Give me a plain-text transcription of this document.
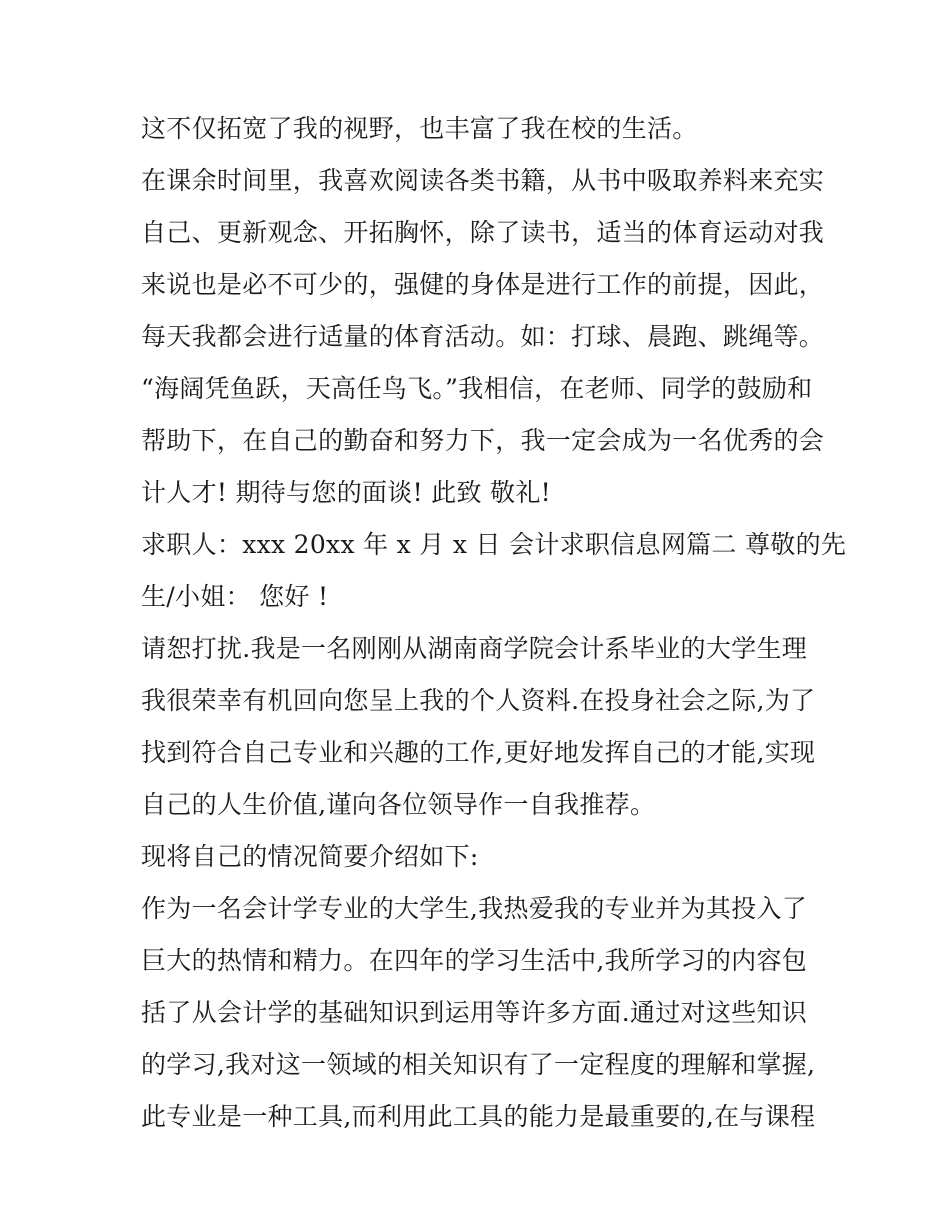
这不仅拓宽了我的视野，也丰富了我在校的生活。
在课余时间里，我喜欢阅读各类书籍，从书中吸取养料来充实
自己、更新观念、开拓胸怀，除了读书，适当的体育运动对我
来说也是必不可少的，强健的身体是进行工作的前提，因此，
每天我都会进行适量的体育活动。如：打球、晨跑、跳绳等。
“海阔凭鱼跃，天高任鸟飞。”我相信，在老师、同学的鼓励和
帮助下，在自己的勤奋和努力下，我一定会成为一名优秀的会
计人才! 期待与您的面谈! 此致 敬礼!
求职人：xxx 20xx 年 x 月 x 日 会计求职信息网篇二 尊敬的先
生/小姐： 您好 !
请恕打扰.我是一名刚刚从湖南商学院会计系毕业的大学生理
我很荣幸有机回向您呈上我的个人资料.在投身社会之际,为了
找到符合自己专业和兴趣的工作,更好地发挥自己的才能,实现
自己的人生价值,谨向各位领导作一自我推荐。
现将自己的情况简要介绍如下:
作为一名会计学专业的大学生,我热爱我的专业并为其投入了
巨大的热情和精力。在四年的学习生活中,我所学习的内容包
括了从会计学的基础知识到运用等许多方面.通过对这些知识
的学习,我对这一领域的相关知识有了一定程度的理解和掌握,
此专业是一种工具,而利用此工具的能力是最重要的,在与课程
